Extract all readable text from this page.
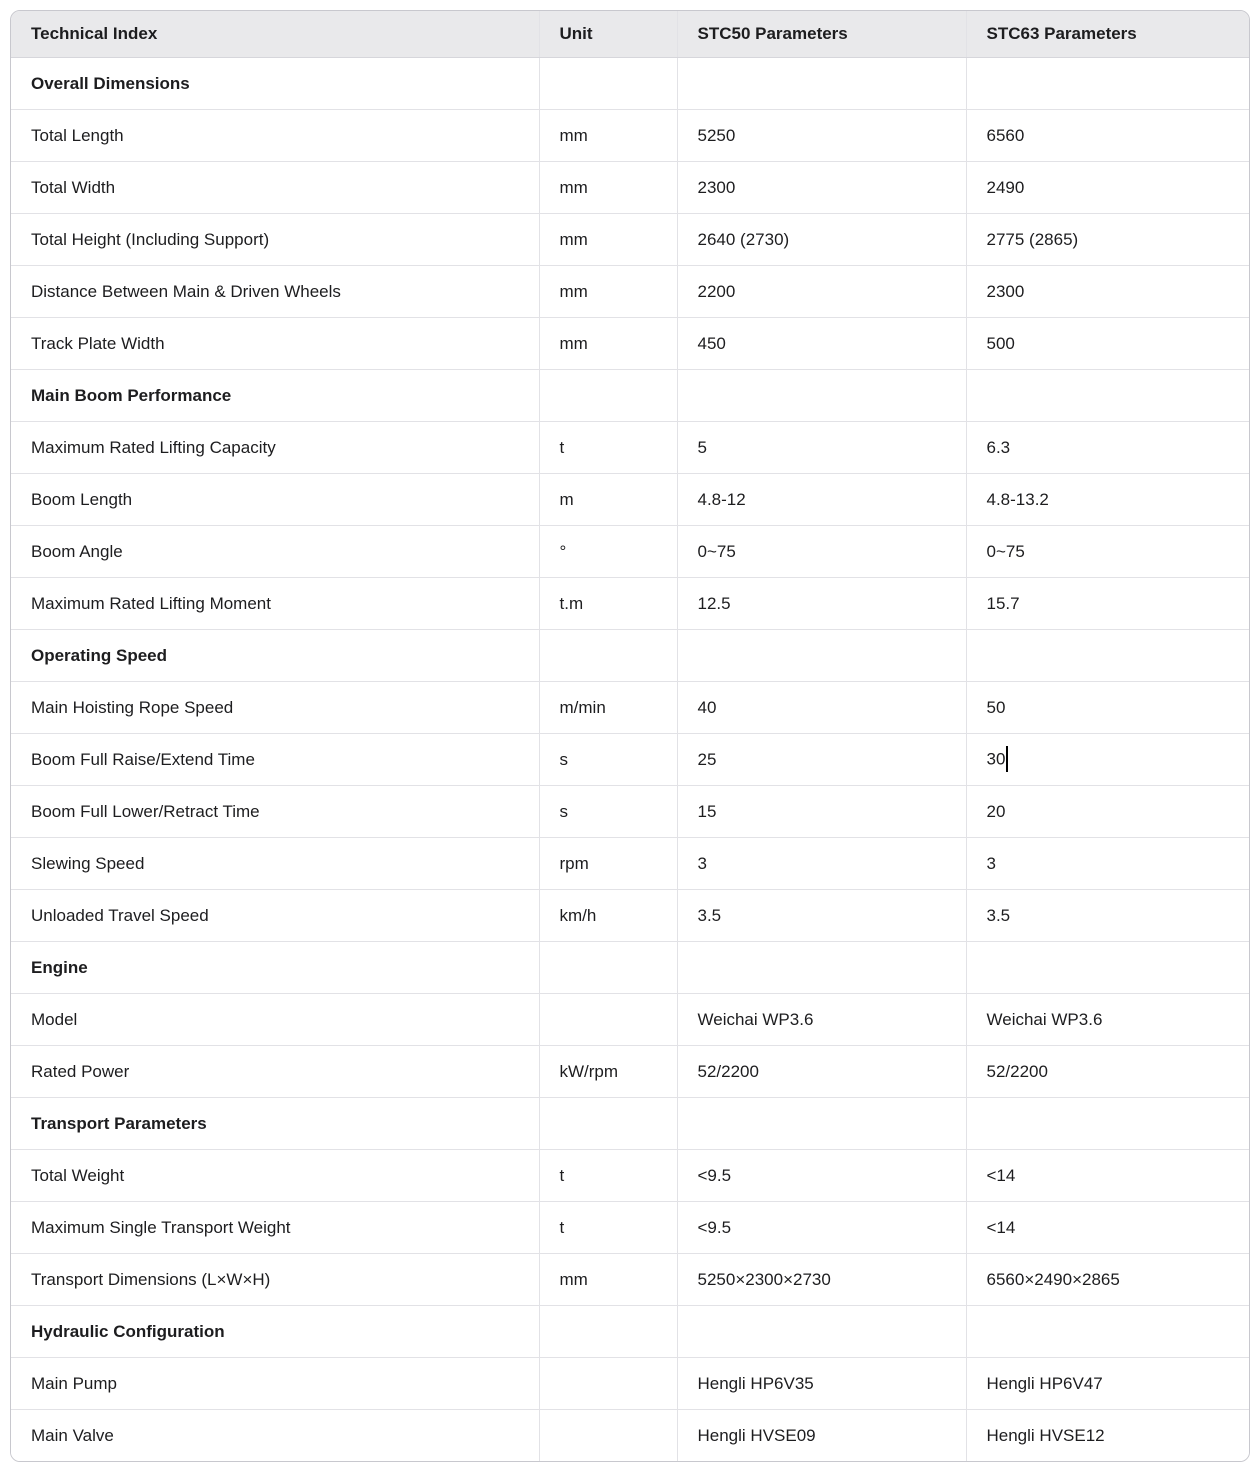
Technical Index	Unit	STC50 Parameters	STC63 Parameters
Overall Dimensions			
Total Length	mm	5250	6560
Total Width	mm	2300	2490
Total Height (Including Support)	mm	2640 (2730)	2775 (2865)
Distance Between Main & Driven Wheels	mm	2200	2300
Track Plate Width	mm	450	500
Main Boom Performance			
Maximum Rated Lifting Capacity	t	5	6.3
Boom Length	m	4.8-12	4.8-13.2
Boom Angle	°	0~75	0~75
Maximum Rated Lifting Moment	t.m	12.5	15.7
Operating Speed			
Main Hoisting Rope Speed	m/min	40	50
Boom Full Raise/Extend Time	s	25	30
Boom Full Lower/Retract Time	s	15	20
Slewing Speed	rpm	3	3
Unloaded Travel Speed	km/h	3.5	3.5
Engine			
Model		Weichai WP3.6	Weichai WP3.6
Rated Power	kW/rpm	52/2200	52/2200
Transport Parameters			
Total Weight	t	<9.5	<14
Maximum Single Transport Weight	t	<9.5	<14
Transport Dimensions (L×W×H)	mm	5250×2300×2730	6560×2490×2865
Hydraulic Configuration			
Main Pump		Hengli HP6V35	Hengli HP6V47
Main Valve		Hengli HVSE09	Hengli HVSE12
